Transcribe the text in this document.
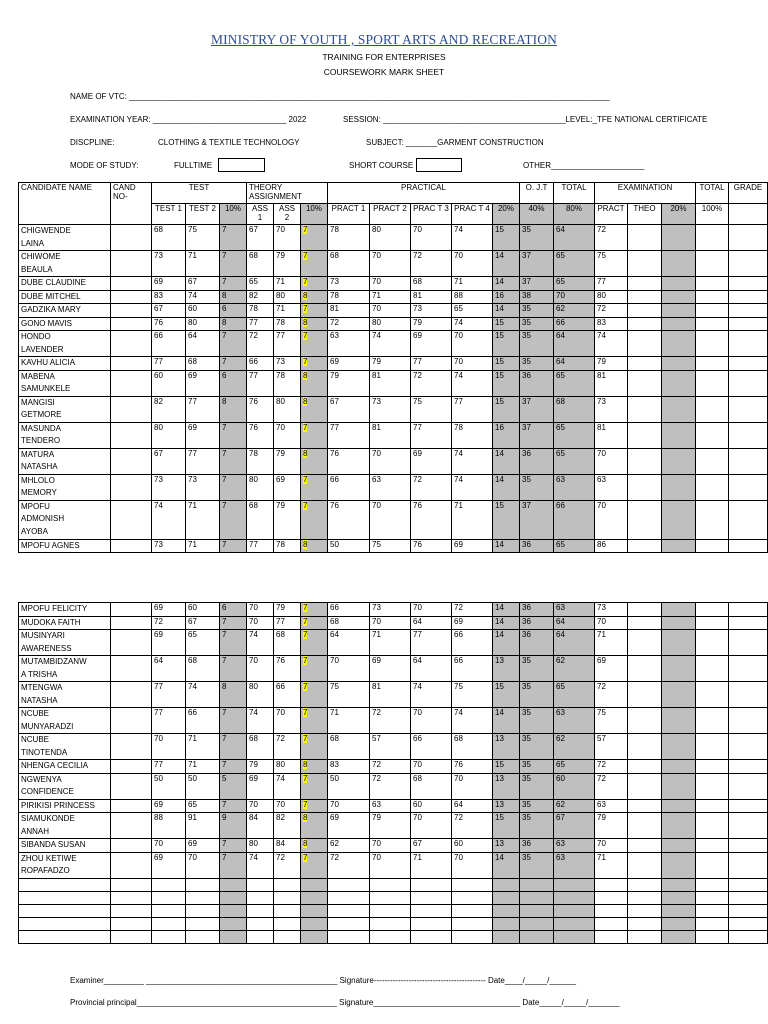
MINISTRY OF YOUTH , SPORT ARTS AND RECREATION
TRAINING FOR ENTERPRISES
COURSEWORK MARK SHEET
NAME OF VTC: ____________________________________________________________________________________________________________
EXAMINATION YEAR: ______________________________ 2022	SESSION: _________________________________________LEVEL:_TFE NATIONAL CERTIFICATE
DISCPLINE:	CLOTHING & TEXTILE TECHNOLOGY	SUBJECT: _______GARMENT CONSTRUCTION
MODE OF STUDY:	FULLTIME	SHORT COURSE	OTHER_____________________
CANDIDATE NAME	CAND NO-	TEST			THEORY ASSIGNMENT			PRACTICAL					O. J.T	TOTAL	EXAMINATION			TOTAL	GRADE
		TEST 1	TEST 2	10%	ASS 1	ASS 2	10%	PRACT 1	PRACT 2	PRAC T 3	PRAC T 4	20%	40%	80%	PRACT	THEO	20%	100%	
CHIGWENDE
LAINA		68	75	7	67	70	7	78	80	70	74	15	35	64	72				
CHIWOME
BEAULA		73	71	7	68	79	7	68	70	72	70	14	37	65	75				
DUBE CLAUDINE		69	67	7	65	71	7	73	70	68	71	14	37	65	77				
DUBE MITCHEL		83	74	8	82	80	8	78	71	81	88	16	38	70	80				
GADZIKA MARY		67	60	6	78	71	7	81	70	73	65	14	35	62	72				
GONO MAVIS		76	80	8	77	78	8	72	80	79	74	15	35	66	83				
HONDO
LAVENDER		66	64	7	72	77	7	63	74	69	70	15	35	64	74				
KAVHU ALICIA		77	68	7	66	73	7	69	79	77	70	15	35	64	79				
MABENA
SAMUNKELE		60	69	6	77	78	8	79	81	72	74	15	36	65	81				
MANGISI
GETMORE		82	77	8	76	80	8	67	73	75	77	15	37	68	73				
MASUNDA
TENDERO		80	69	7	76	70	7	77	81	77	78	16	37	65	81				
MATURA
NATASHA		67	77	7	78	79	8	76	70	69	74	14	36	65	70				
MHLOLO
MEMORY		73	73	7	80	69	7	66	63	72	74	14	35	63	63				
MPOFU
ADMONISH
AYOBA		74	71	7	68	79	7	76	70	76	71	15	37	66	70				
MPOFU AGNES		73	71	7	77	78	8	50	75	76	69	14	36	65	86				
MPOFU FELICITY		69	60	6	70	79	7	66	73	70	72	14	36	63	73				
MUDOKA FAITH		72	67	7	70	77	7	68	70	64	69	14	36	64	70				
MUSINYARI
AWARENESS		69	65	7	74	68	7	64	71	77	66	14	36	64	71				
MUTAMBIDZANW
A TRISHA		64	68	7	70	76	7	70	69	64	66	13	35	62	69				
MTENGWA
NATASHA		77	74	8	80	66	7	75	81	74	75	15	35	65	72				
NCUBE
MUNYARADZI		77	66	7	74	70	7	71	72	70	74	14	35	63	75				
NCUBE
TINOTENDA		70	71	7	68	72	7	68	57	66	68	13	35	62	57				
NHENGA CECILIA		77	71	7	79	80	8	83	72	70	76	15	35	65	72				
NGWENYA
CONFIDENCE		50	50	5	69	74	7	50	72	68	70	13	35	60	72				
PIRIKISI PRINCESS		69	65	7	70	70	7	70	63	60	64	13	35	62	63				
SIAMUKONDE
ANNAH		88	91	9	84	82	8	69	79	70	72	15	35	67	79				
SIBANDA SUSAN		70	69	7	80	84	8	62	70	67	60	13	36	63	70				
ZHOU KETIWE
ROPAFADZO		69	70	7	74	72	7	72	70	71	70	14	35	63	71				

Examiner_________ ___________________________________________ Signature------------------------------------------ Date____/_____/______
Provincial principal_____________________________________________ Signature_________________________________ Date_____/_____/_______
